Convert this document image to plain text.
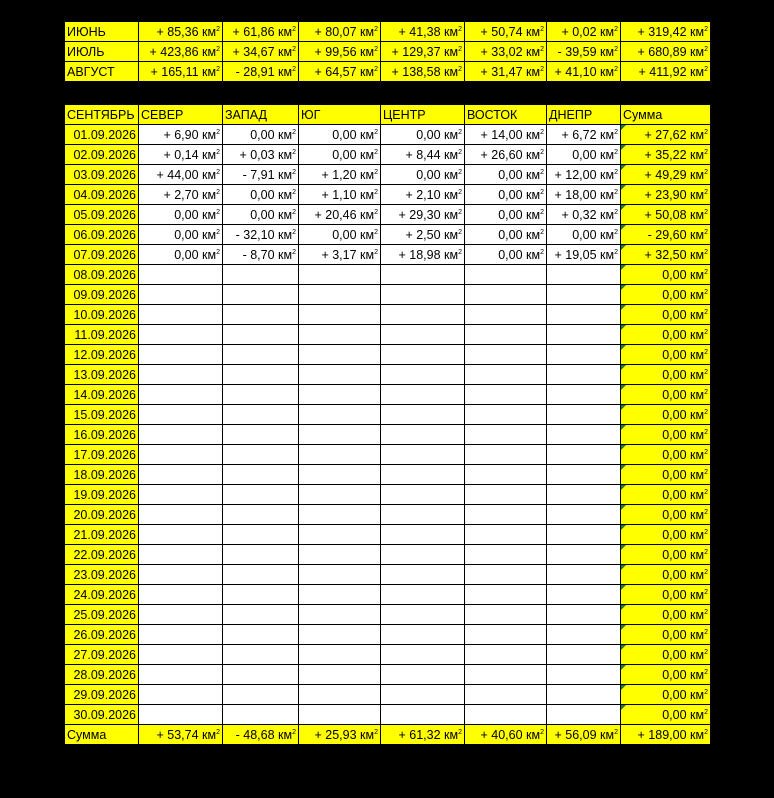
ИЮНЬ	+ 85,36 $км^2$	+ 61,86 $км^2$	+ 80,07 $км^2$	+ 41,38 $км^2$	+ 50,74 $км^2$	+ 0,02 $км^2$	+ 319,42 $км^2$
ИЮЛЬ	+ 423,86 $км^2$	+ 34,67 $км^2$	+ 99,56 $км^2$	+ 129,37 $км^2$	+ 33,02 $км^2$	- 39,59 $км^2$	+ 680,89 $км^2$
АВГУСТ	+ 165,11 $км^2$	- 28,91 $км^2$	+ 64,57 $км^2$	+ 138,58 $км^2$	+ 31,47 $км^2$	+ 41,10 $км^2$	+ 411,92 $км^2$
СЕНТЯБРЬ	СЕВЕР	ЗАПАД	ЮГ	ЦЕНТР	ВОСТОК	ДНЕПР	Сумма
01.09.2026	+ 6,90 $км^2$	0,00 $км^2$	0,00 $км^2$	0,00 $км^2$	+ 14,00 $км^2$	+ 6,72 $км^2$	+ 27,62 $км^2$
02.09.2026	+ 0,14 $км^2$	+ 0,03 $км^2$	0,00 $км^2$	+ 8,44 $км^2$	+ 26,60 $км^2$	0,00 $км^2$	+ 35,22 $км^2$
03.09.2026	+ 44,00 $км^2$	- 7,91 $км^2$	+ 1,20 $км^2$	0,00 $км^2$	0,00 $км^2$	+ 12,00 $км^2$	+ 49,29 $км^2$
04.09.2026	+ 2,70 $км^2$	0,00 $км^2$	+ 1,10 $км^2$	+ 2,10 $км^2$	0,00 $км^2$	+ 18,00 $км^2$	+ 23,90 $км^2$
05.09.2026	0,00 $км^2$	0,00 $км^2$	+ 20,46 $км^2$	+ 29,30 $км^2$	0,00 $км^2$	+ 0,32 $км^2$	+ 50,08 $км^2$
06.09.2026	0,00 $км^2$	- 32,10 $км^2$	0,00 $км^2$	+ 2,50 $км^2$	0,00 $км^2$	0,00 $км^2$	- 29,60 $км^2$
07.09.2026	0,00 $км^2$	- 8,70 $км^2$	+ 3,17 $км^2$	+ 18,98 $км^2$	0,00 $км^2$	+ 19,05 $км^2$	+ 32,50 $км^2$
08.09.2026							0,00 $км^2$
09.09.2026							0,00 $км^2$
10.09.2026							0,00 $км^2$
11.09.2026							0,00 $км^2$
12.09.2026							0,00 $км^2$
13.09.2026							0,00 $км^2$
14.09.2026							0,00 $км^2$
15.09.2026							0,00 $км^2$
16.09.2026							0,00 $км^2$
17.09.2026							0,00 $км^2$
18.09.2026							0,00 $км^2$
19.09.2026							0,00 $км^2$
20.09.2026							0,00 $км^2$
21.09.2026							0,00 $км^2$
22.09.2026							0,00 $км^2$
23.09.2026							0,00 $км^2$
24.09.2026							0,00 $км^2$
25.09.2026							0,00 $км^2$
26.09.2026							0,00 $км^2$
27.09.2026							0,00 $км^2$
28.09.2026							0,00 $км^2$
29.09.2026							0,00 $км^2$
30.09.2026							0,00 $км^2$
Сумма	+ 53,74 $км^2$	- 48,68 $км^2$	+ 25,93 $км^2$	+ 61,32 $км^2$	+ 40,60 $км^2$	+ 56,09 $км^2$	+ 189,00 $км^2$
